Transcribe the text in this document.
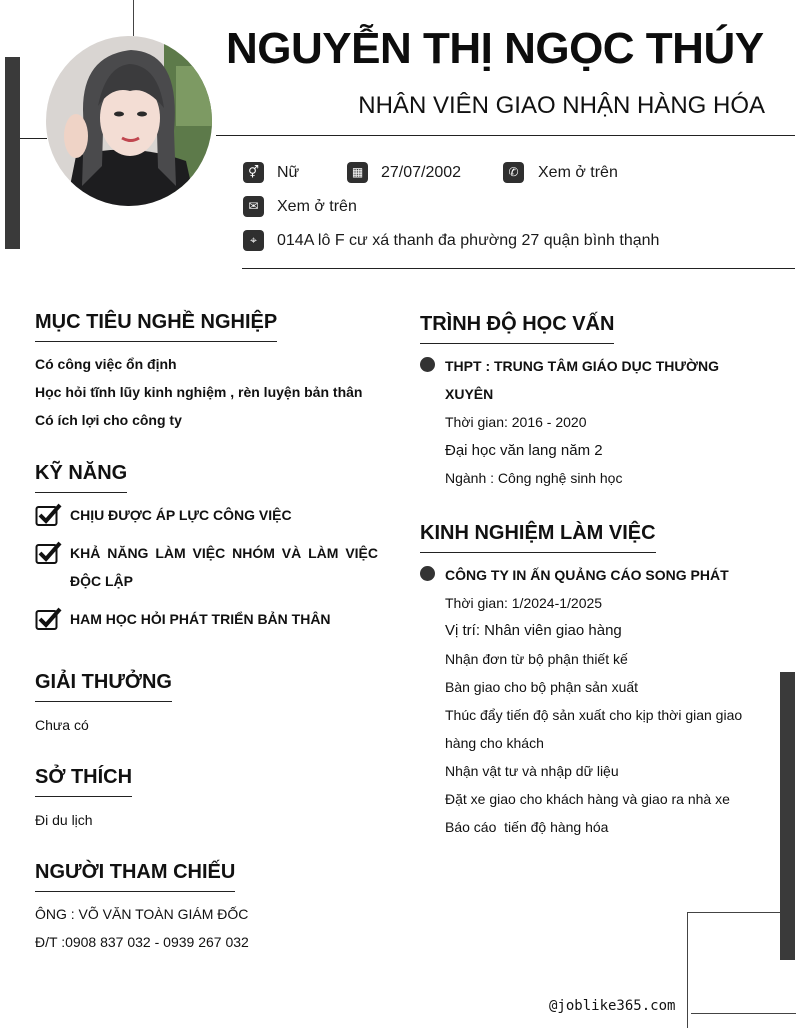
NGUYỄN THỊ NGỌC THÚY
NHÂN VIÊN GIAO NHẬN HÀNG HÓA
⚥	Nữ	▦	27/07/2002	✆	Xem ở trên
✉	Xem ở trên
⌖	014A lô F cư xá thanh đa phường 27 quận bình thạnh
MỤC TIÊU NGHỀ NGHIỆP
Có công việc ổn định
Học hỏi tĩnh lũy kinh nghiệm , rèn luyện bản thân
Có ích lợi cho công ty
KỸ NĂNG
CHỊU ĐƯỢC ÁP LỰC CÔNG VIỆC
KHẢ NĂNG LÀM VIỆC NHÓM VÀ LÀM VIỆC
ĐỘC LẬP
HAM HỌC HỎI PHÁT TRIỂN BẢN THÂN
GIẢI THƯỞNG
Chưa có
SỞ THÍCH
Đi du lịch
NGƯỜI THAM CHIẾU
ÔNG : VÕ VĂN TOÀN GIÁM ĐỐC
Đ/T :0908 837 032 - 0939 267 032
TRÌNH ĐỘ HỌC VẤN
THPT : TRUNG TÂM GIÁO DỤC THƯỜNG
XUYÊN
Thời gian: 2016 - 2020
Đại học văn lang năm 2
Ngành : Công nghệ sinh học
KINH NGHIỆM LÀM VIỆC
CÔNG TY IN ẤN QUẢNG CÁO SONG PHÁT
Thời gian: 1/2024-1/2025
Vị trí: Nhân viên giao hàng
Nhận đơn từ bộ phận thiết kế
Bàn giao cho bộ phận sản xuất
Thúc đẩy tiến độ sản xuất cho kịp thời gian giao
hàng cho khách
Nhận vật tư và nhập dữ liệu
Đặt xe giao cho khách hàng và giao ra nhà xe
Báo cáo  tiến độ hàng hóa
@joblike365.com
